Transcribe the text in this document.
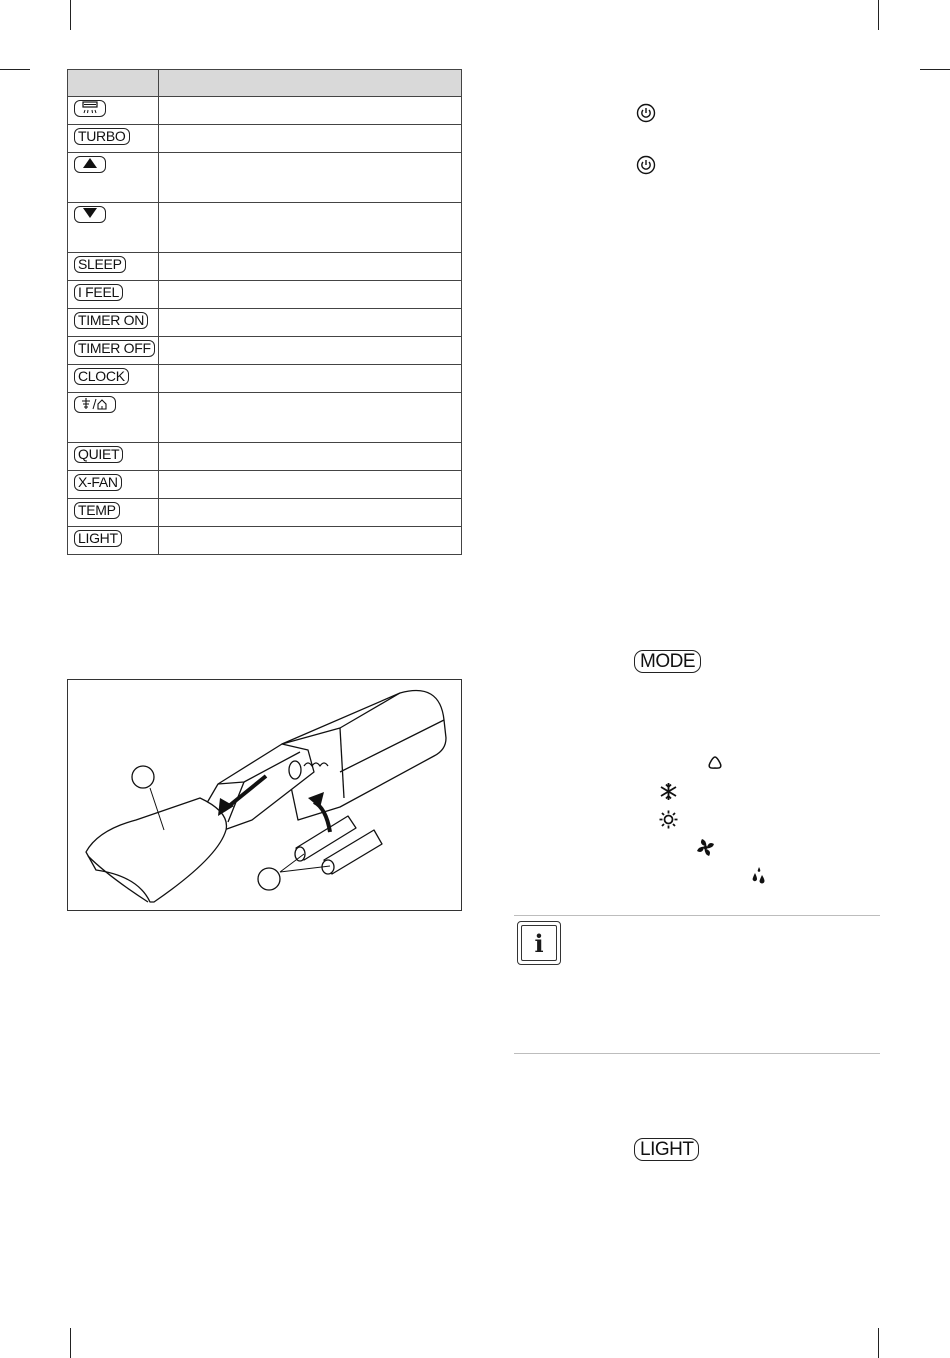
TURBO	

SLEEP	
I FEEL	
TIMER ON	
TIMER OFF	
CLOCK	

QUIET	
X-FAN	
TEMP	
LIGHT	
MODE
i
LIGHT
